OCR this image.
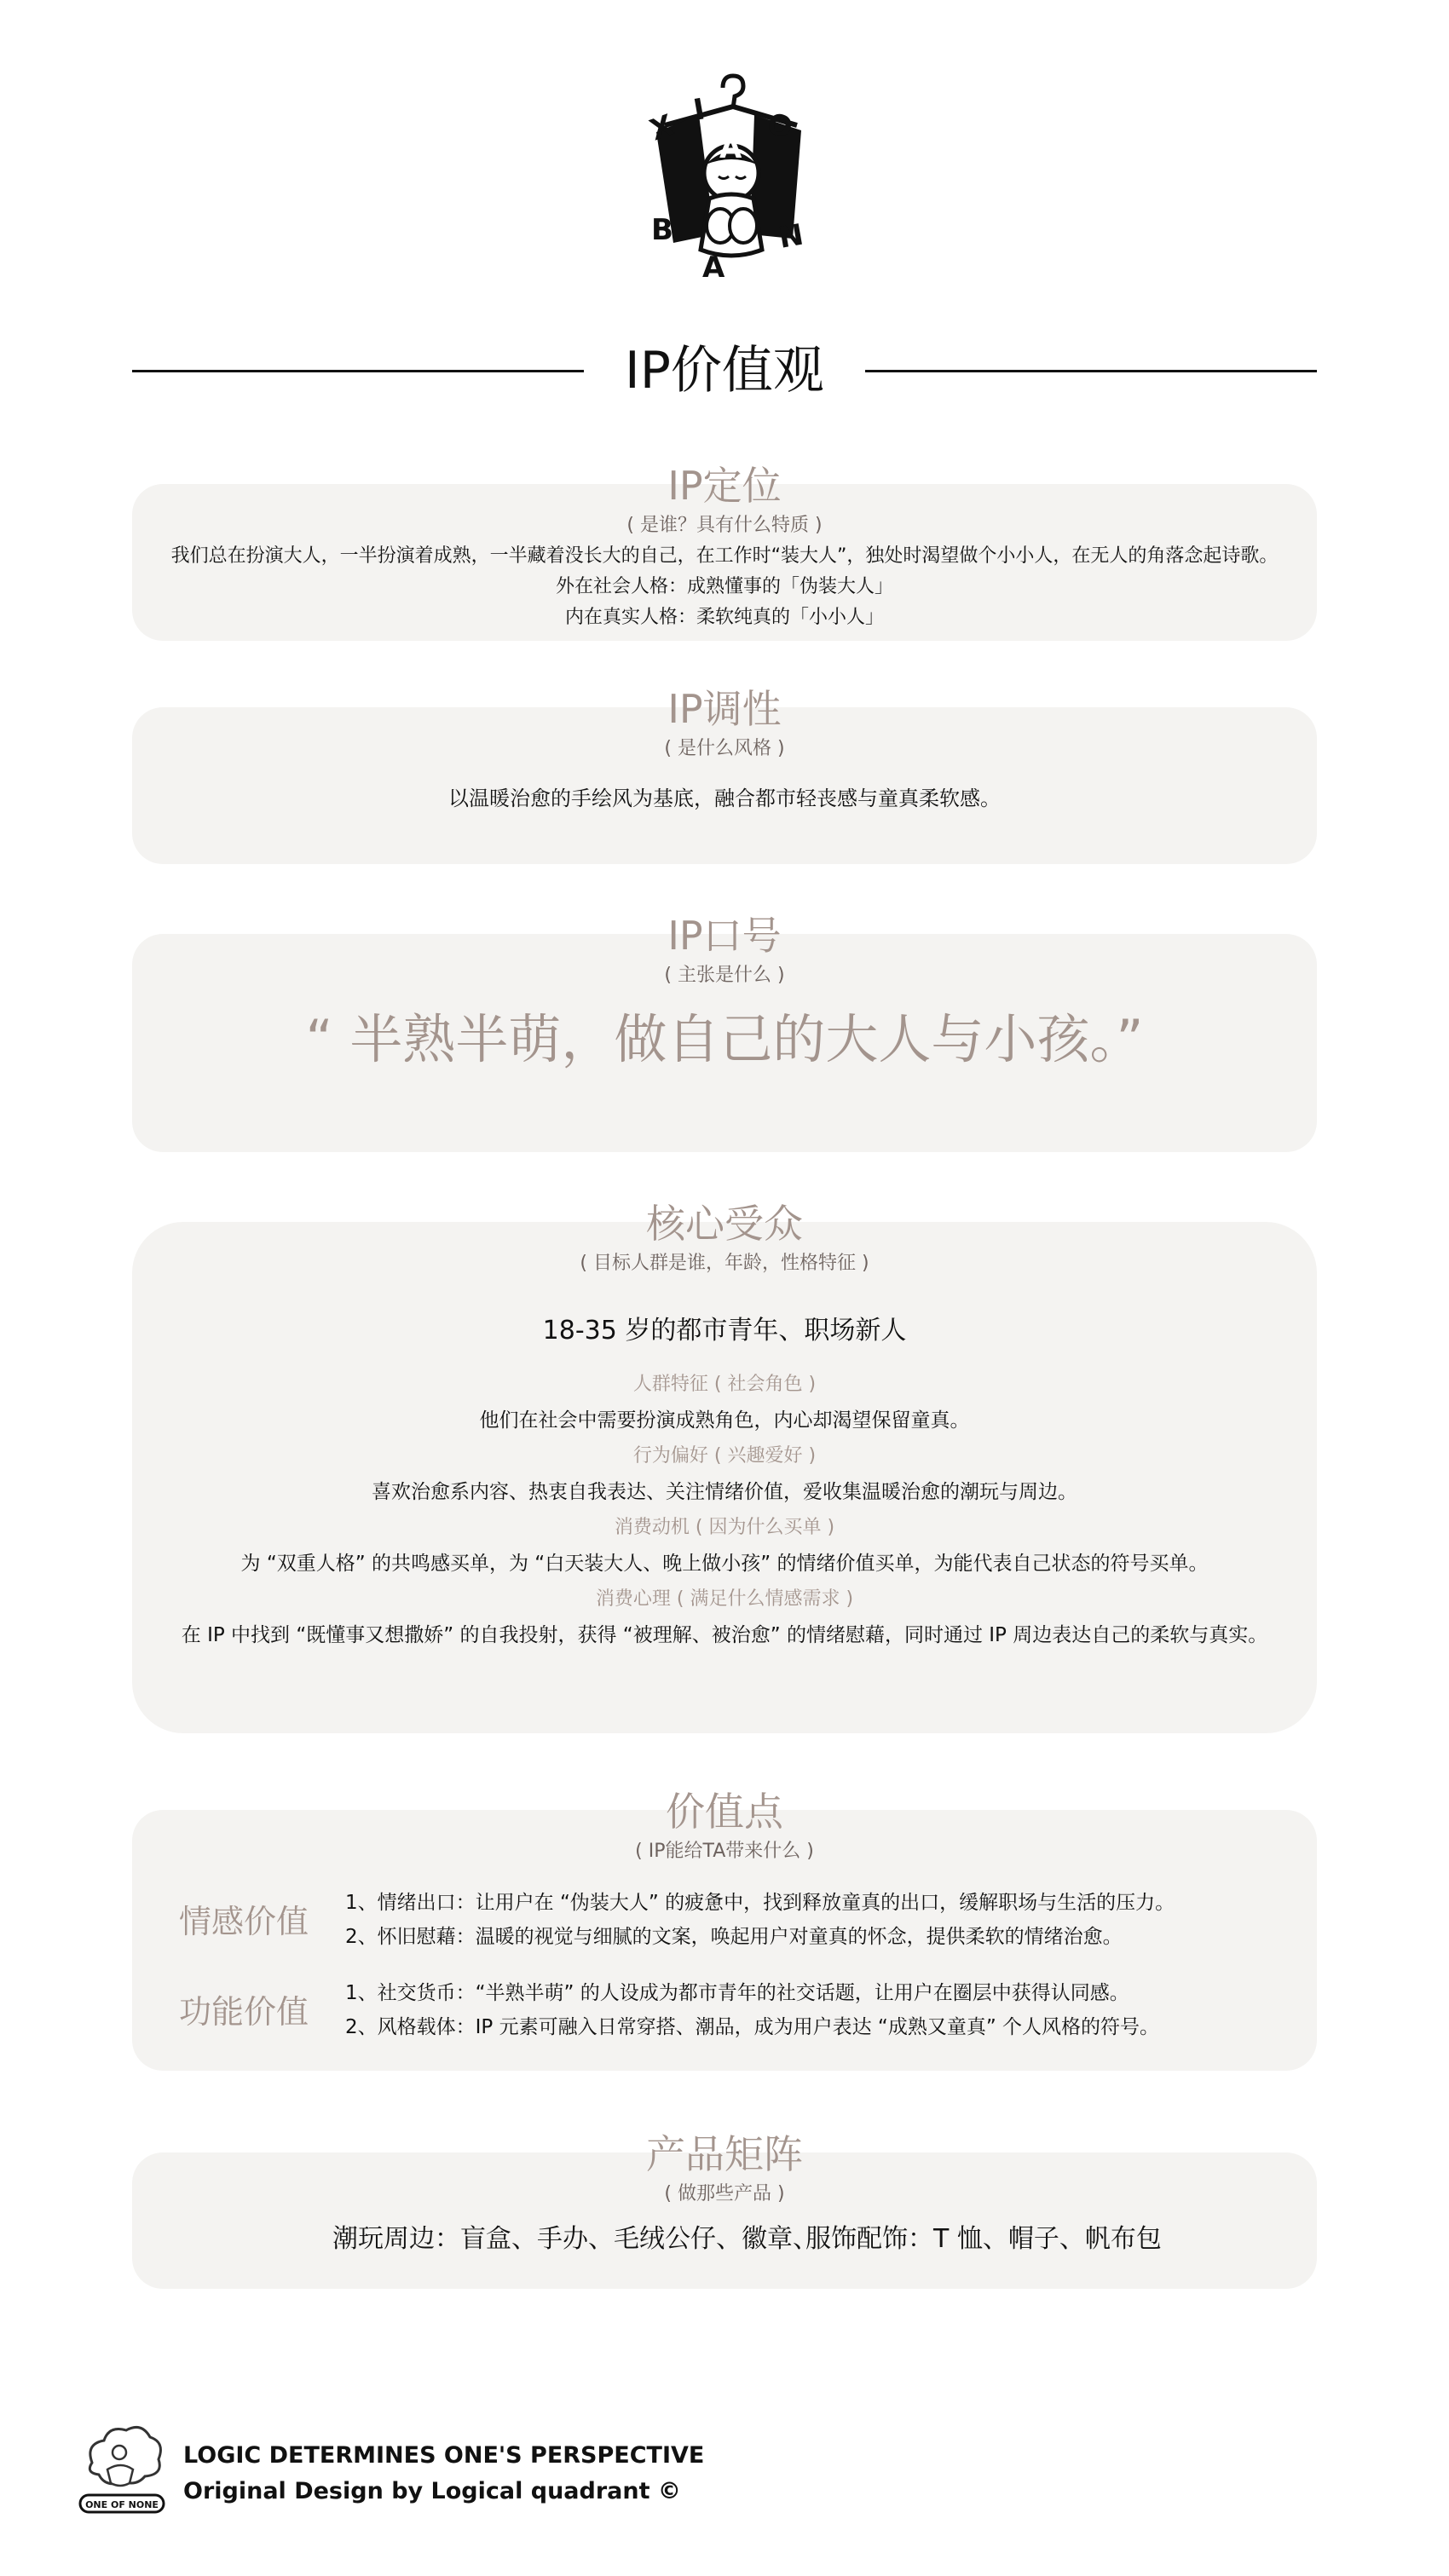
X I
A
O
B
A
N
IP价值观
IP定位
( 是谁？具有什么特质 )
我们总在扮演大人，一半扮演着成熟，一半藏着没长大的自己，在工作时“装大人”，独处时渴望做个小小人，在无人的角落念起诗歌。
外在社会人格：成熟懂事的「伪装大人」
内在真实人格：柔软纯真的「小小人」
IP调性
( 是什么风格 )
以温暖治愈的手绘风为基底，融合都市轻丧感与童真柔软感。
IP口号
( 主张是什么 )
“ 半熟半萌，做自己的大人与小孩。”
核心受众
( 目标人群是谁，年龄，性格特征 )
18-35 岁的都市青年、职场新人
人群特征 ( 社会角色 )
他们在社会中需要扮演成熟角色，内心却渴望保留童真。
行为偏好 ( 兴趣爱好 )
喜欢治愈系内容、热衷自我表达、关注情绪价值，爱收集温暖治愈的潮玩与周边。
消费动机 ( 因为什么买单 )
为 “双重人格” 的共鸣感买单，为 “白天装大人、晚上做小孩” 的情绪价值买单，为能代表自己状态的符号买单。
消费心理 ( 满足什么情感需求 )
在 IP 中找到 “既懂事又想撒娇” 的自我投射，获得 “被理解、被治愈” 的情绪慰藉，同时通过 IP 周边表达自己的柔软与真实。
价值点
( IP能给TA带来什么 )
情感价值 1、情绪出口：让用户在 “伪装大人” 的疲惫中，找到释放童真的出口，缓解职场与生活的压力。
2、怀旧慰藉：温暖的视觉与细腻的文案，唤起用户对童真的怀念，提供柔软的情绪治愈。
功能价值 1、社交货币：“半熟半萌” 的人设成为都市青年的社交话题，让用户在圈层中获得认同感。
2、风格载体：IP 元素可融入日常穿搭、潮品，成为用户表达 “成熟又童真” 个人风格的符号。
产品矩阵
( 做那些产品 )
潮玩周边：盲盒、手办、毛绒公仔、徽章、
服饰配饰：T 恤、帽子、帆布包
ONE OF NONE
LOGIC DETERMINES ONE'S PERSPECTIVE
Original Design by Logical quadrant ©
